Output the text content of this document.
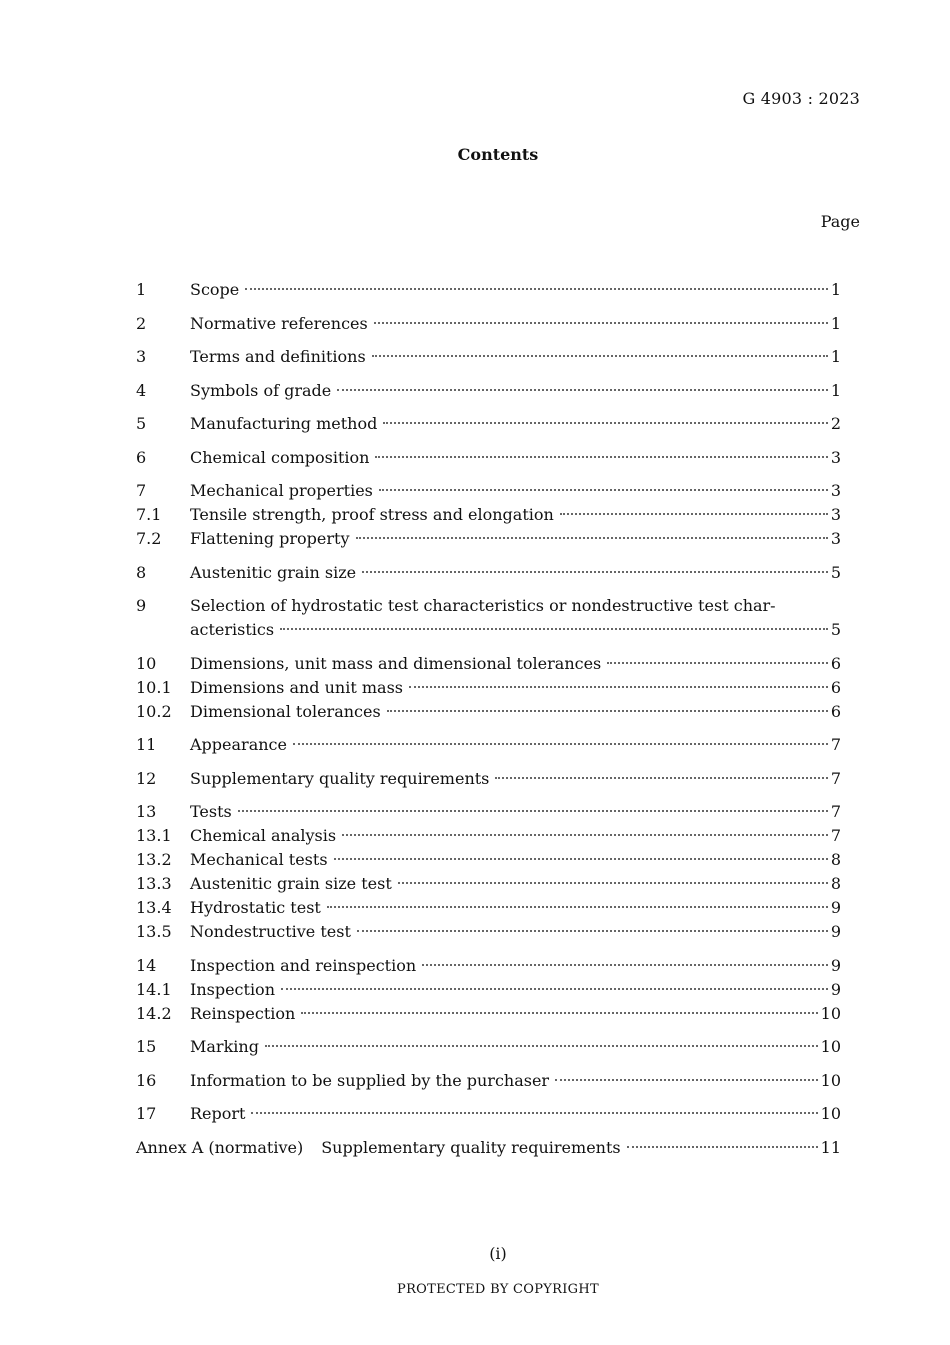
G 4903 : 2023
Contents
Page
1	Scope	1
2	Normative references	1
3	Terms and definitions	1
4	Symbols of grade	1
5	Manufacturing method	2
6	Chemical composition	3
7	Mechanical properties	3
7.1	Tensile strength, proof stress and elongation	3
7.2	Flattening property	3
8	Austenitic grain size	5
9	Selection of hydrostatic test characteristics or nondestructive test char-
acteristics	5
10	Dimensions, unit mass and dimensional tolerances	6
10.1	Dimensions and unit mass	6
10.2	Dimensional tolerances	6
11	Appearance	7
12	Supplementary quality requirements	7
13	Tests	7
13.1	Chemical analysis	7
13.2	Mechanical tests	8
13.3	Austenitic grain size test	8
13.4	Hydrostatic test	9
13.5	Nondestructive test	9
14	Inspection and reinspection	9
14.1	Inspection	9
14.2	Reinspection	10
15	Marking	10
16	Information to be supplied by the purchaser	10
17	Report	10
Annex A (normative) Supplementary quality requirements	11
(i)
PROTECTED BY COPYRIGHT
